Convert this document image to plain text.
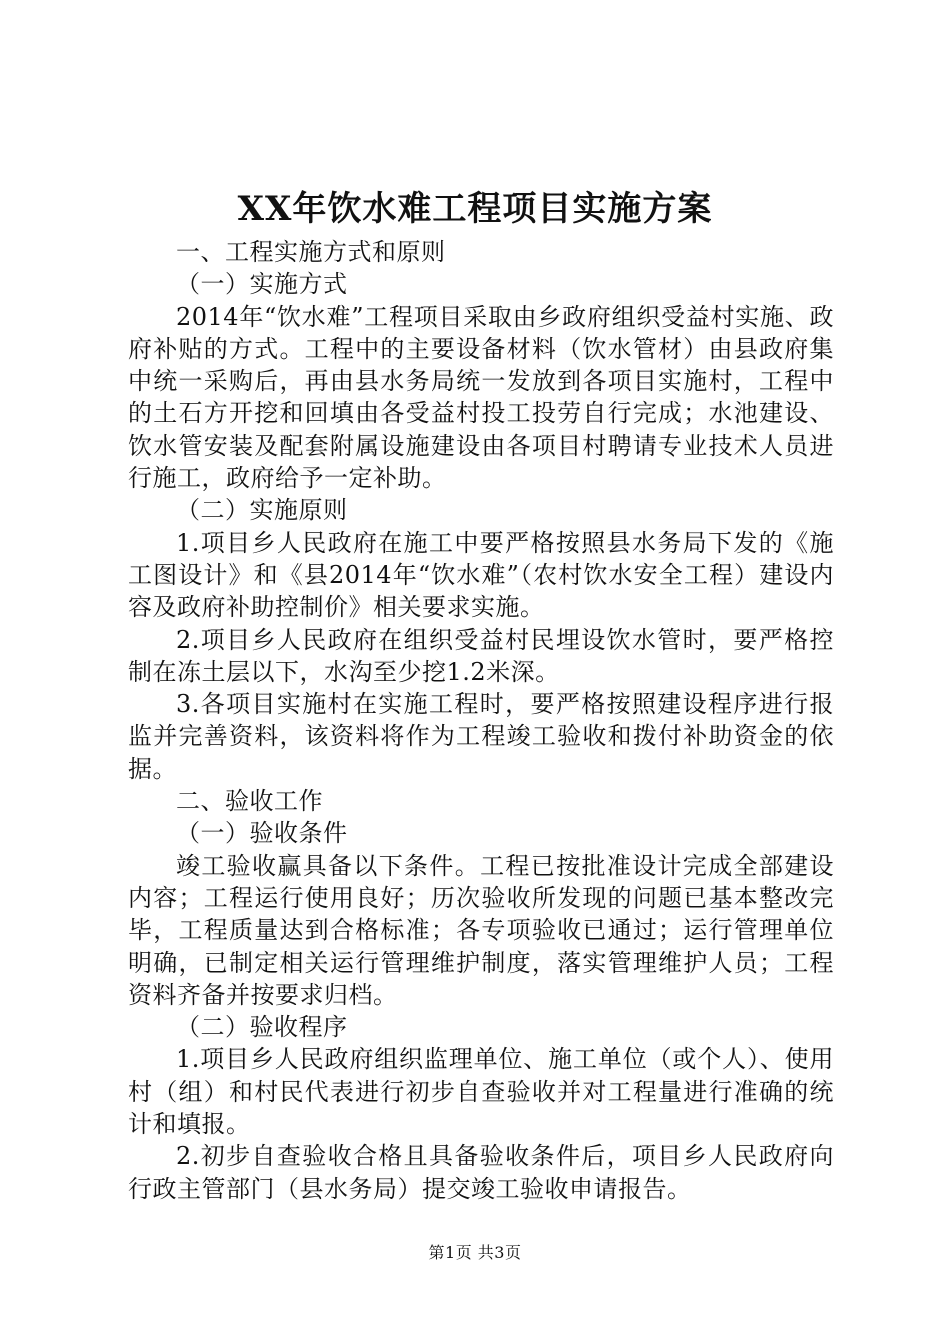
XX年饮水难工程项目实施方案

一、工程实施方式和原则

（一）实施方式

2014年“饮水难”工程项目采取由乡政府组织受益村实施、政府补贴的方式。工程中的主要设备材料（饮水管材）由县政府集中统一采购后，再由县水务局统一发放到各项目实施村，工程中的土石方开挖和回填由各受益村投工投劳自行完成；水池建设、饮水管安装及配套附属设施建设由各项目村聘请专业技术人员进行施工，政府给予一定补助。

（二）实施原则

1.项目乡人民政府在施工中要严格按照县水务局下发的《施工图设计》和《县2014年“饮水难”（农村饮水安全工程）建设内容及政府补助控制价》相关要求实施。

2.项目乡人民政府在组织受益村民埋设饮水管时，要严格控制在冻土层以下，水沟至少挖1.2米深。

3.各项目实施村在实施工程时，要严格按照建设程序进行报监并完善资料，该资料将作为工程竣工验收和拨付补助资金的依据。

二、验收工作

（一）验收条件

竣工验收赢具备以下条件。工程已按批准设计完成全部建设内容；工程运行使用良好；历次验收所发现的问题已基本整改完毕，工程质量达到合格标准；各专项验收已通过；运行管理单位明确，已制定相关运行管理维护制度，落实管理维护人员；工程资料齐备并按要求归档。

（二）验收程序

1.项目乡人民政府组织监理单位、施工单位（或个人）、使用村（组）和村民代表进行初步自查验收并对工程量进行准确的统计和填报。

2.初步自查验收合格且具备验收条件后，项目乡人民政府向行政主管部门（县水务局）提交竣工验收申请报告。

第1页 共3页
